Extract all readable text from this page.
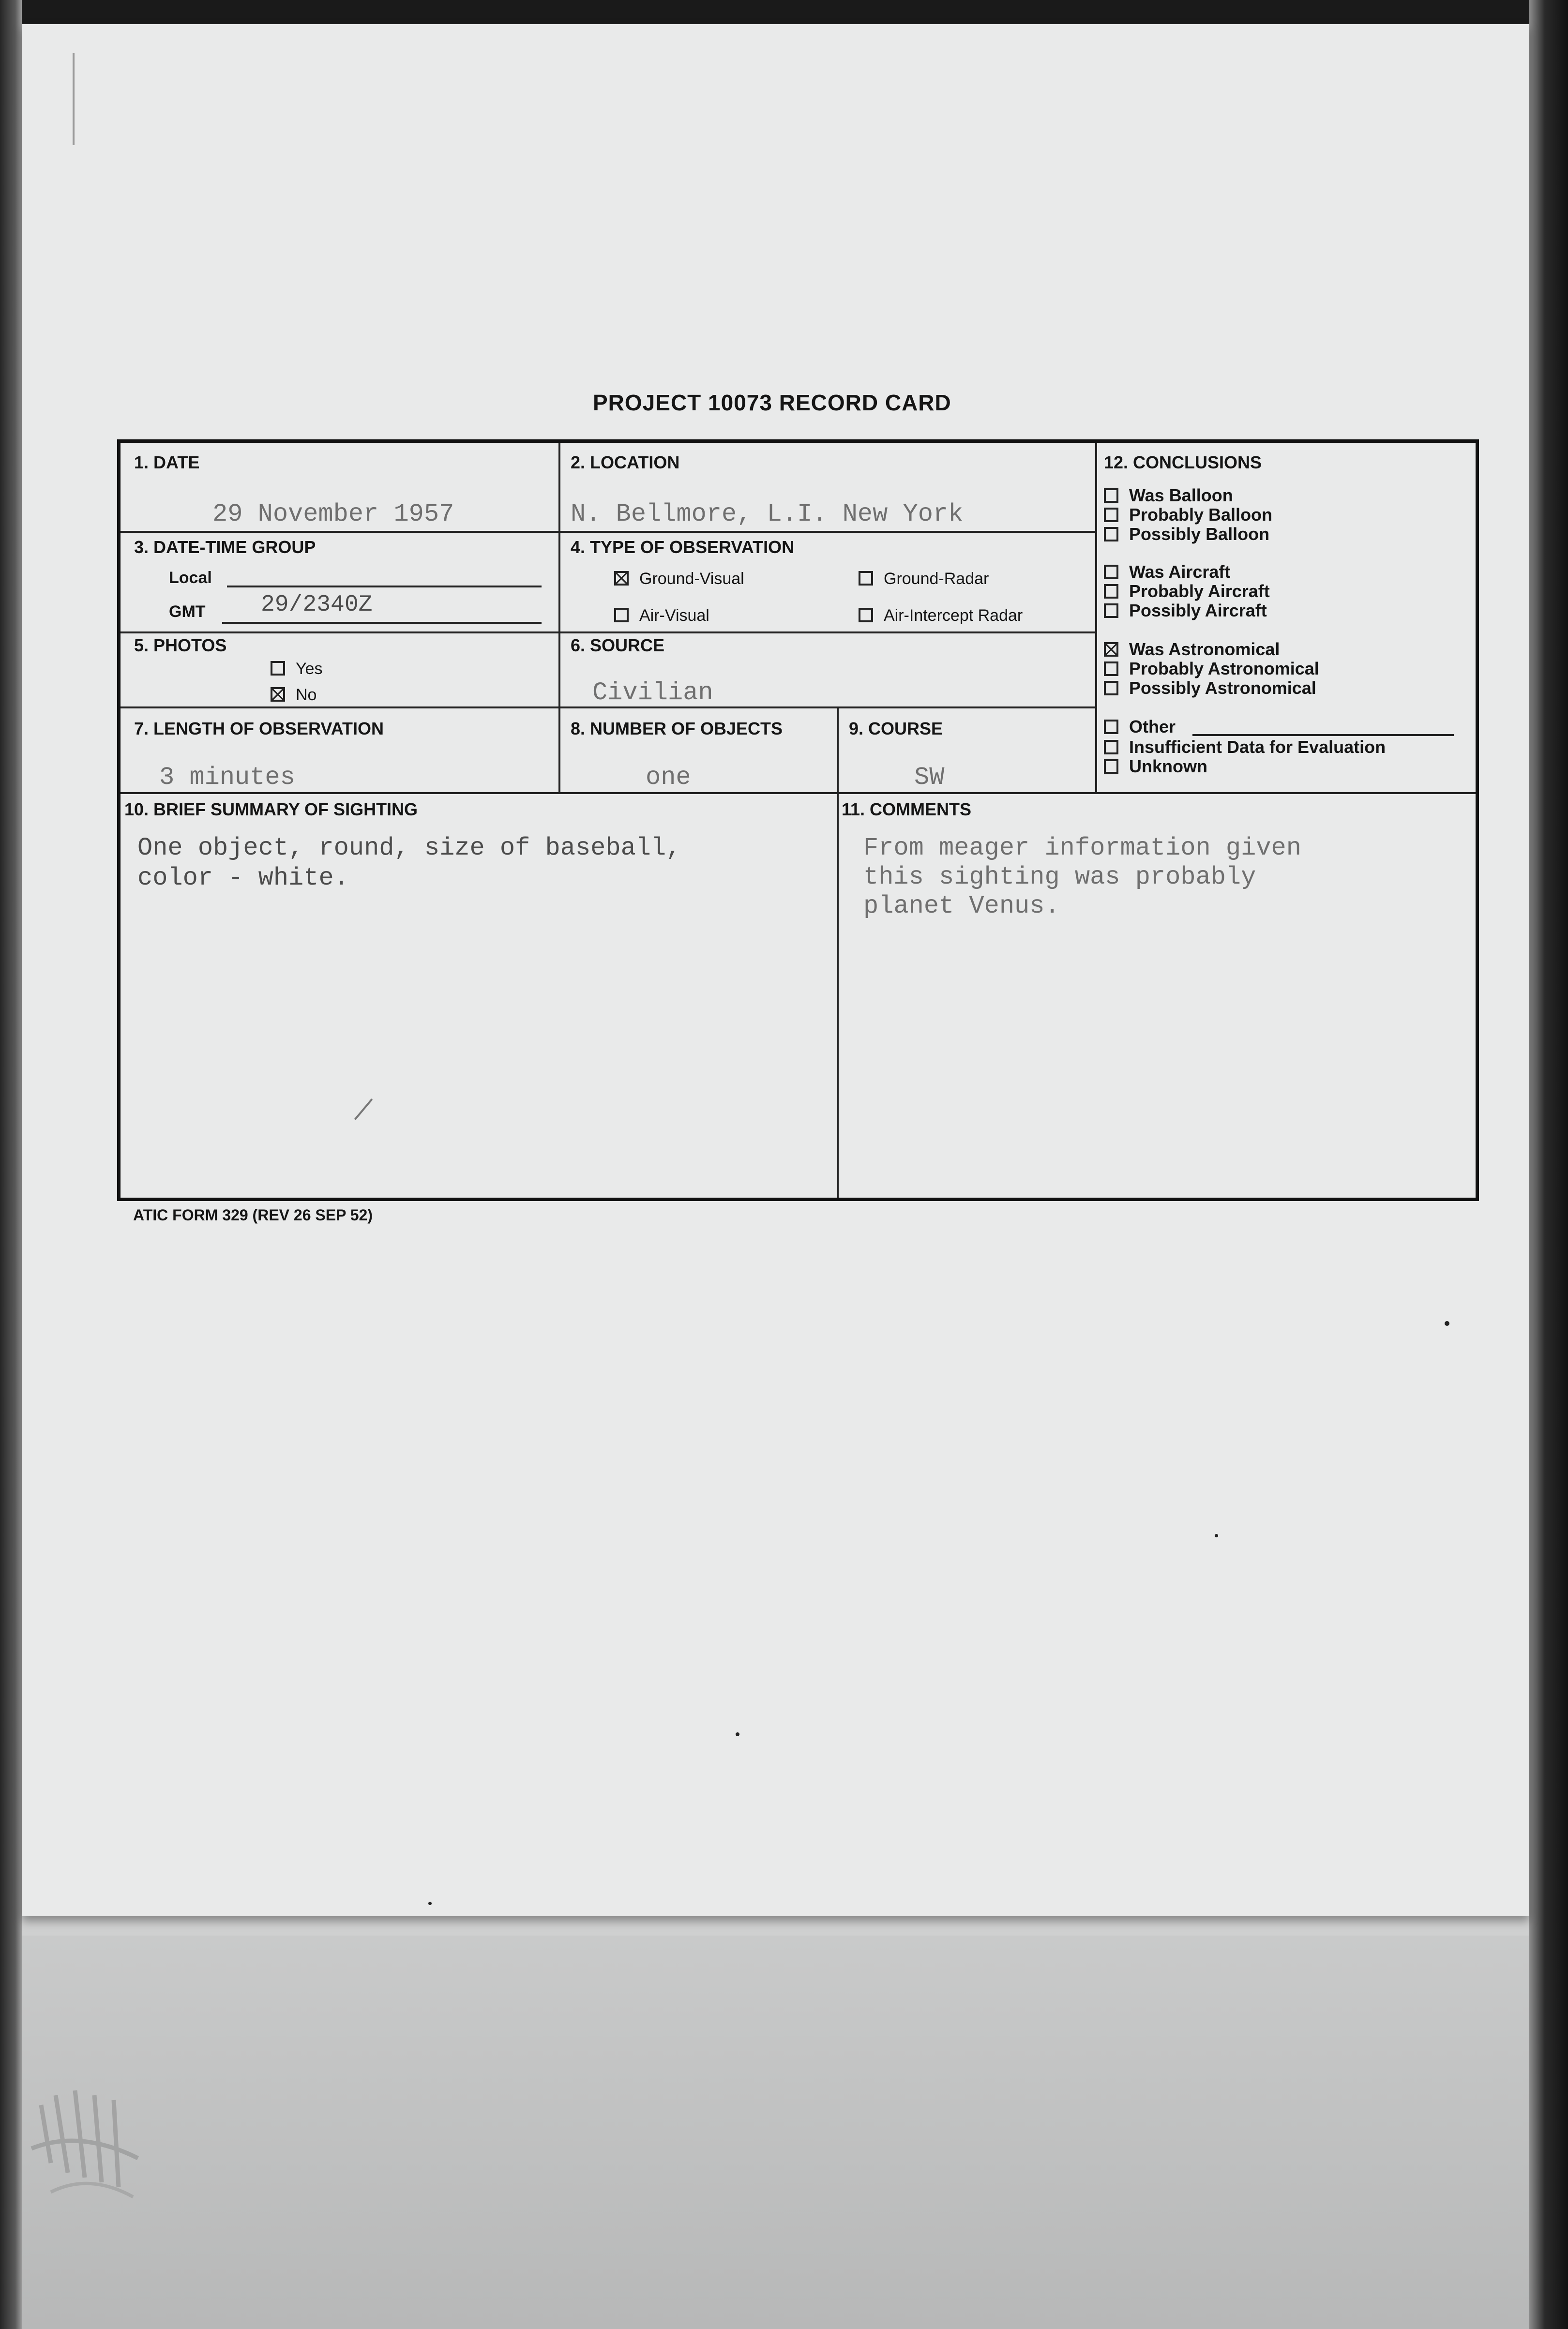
PROJECT 10073 RECORD CARD
1. DATE
29 November 1957
2. LOCATION
N. Bellmore, L.I. New York
3. DATE-TIME GROUP
Local
GMT 29/2340Z
4. TYPE OF OBSERVATION
Ground-Visual	Ground-Radar
Air-Visual	Air-Intercept Radar
5. PHOTOS
Yes
No
6. SOURCE
Civilian
7. LENGTH OF OBSERVATION
3 minutes
8. NUMBER OF OBJECTS
one
9. COURSE
SW
10. BRIEF SUMMARY OF SIGHTING
One object, round, size of baseball,
color - white.
11. COMMENTS
From meager information given
this sighting was probably
planet Venus.
12. CONCLUSIONS
Was Balloon
Probably Balloon
Possibly Balloon
Was Aircraft
Probably Aircraft
Possibly Aircraft
Was Astronomical
Probably Astronomical
Possibly Astronomical
Other
Insufficient Data for Evaluation
Unknown
ATIC FORM 329 (REV 26 SEP 52)
